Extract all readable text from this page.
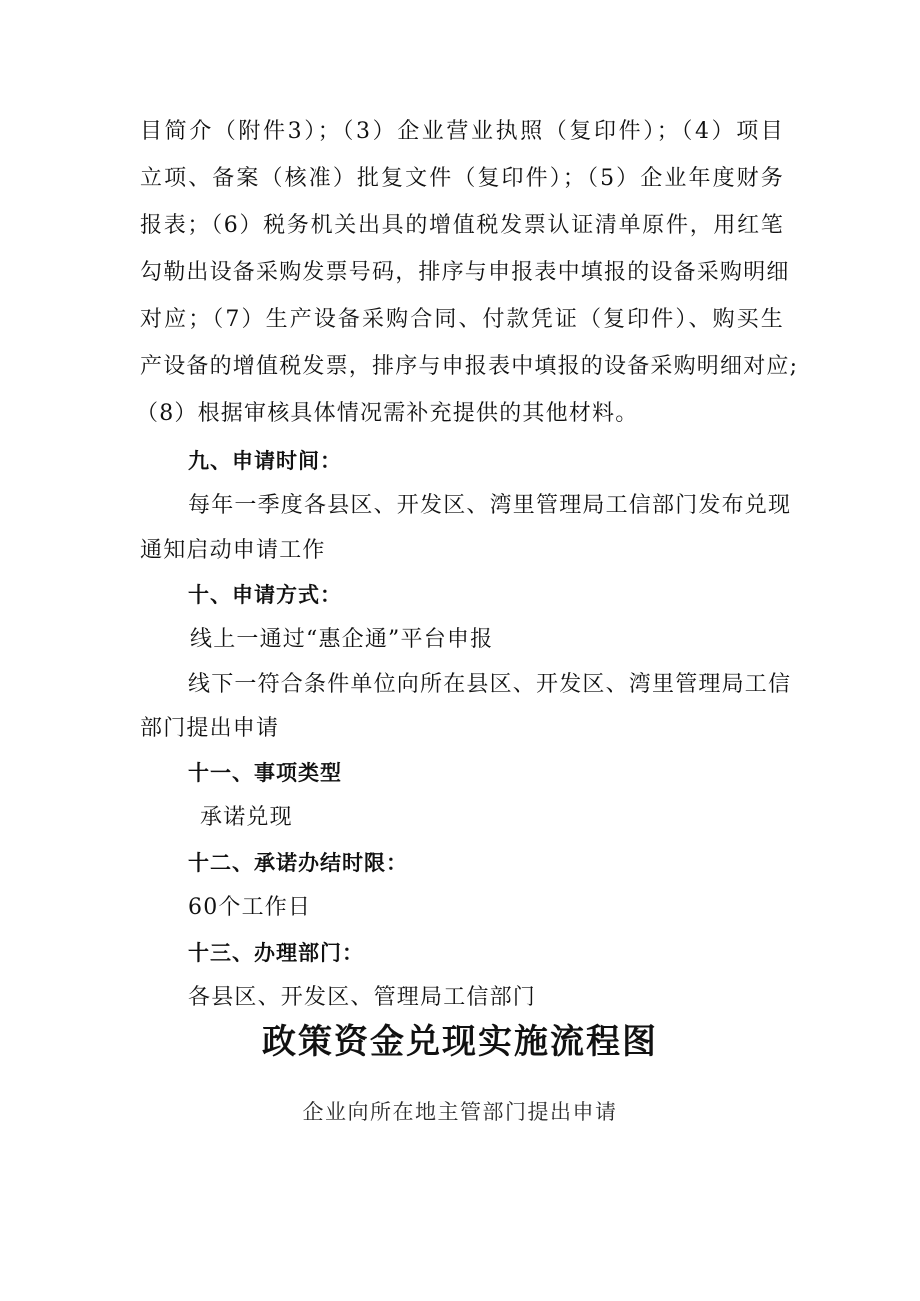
目简介（附件3）；（3）企业营业执照（复印件）；（4）项目
立项、备案（核准）批复文件（复印件）；（5）企业年度财务
报表；（6）税务机关出具的增值税发票认证清单原件，用红笔
勾勒出设备采购发票号码，排序与申报表中填报的设备采购明细
对应；（7）生产设备采购合同、付款凭证（复印件）、购买生
产设备的增值税发票，排序与申报表中填报的设备采购明细对应;
（8）根据审核具体情况需补充提供的其他材料。
九、申请时间：
每年一季度各县区、开发区、湾里管理局工信部门发布兑现
通知启动申请工作
十、申请方式：
线上一通过“惠企通”平台申报
线下一符合条件单位向所在县区、开发区、湾里管理局工信
部门提出申请
十一、事项类型
承诺兑现
十二、承诺办结时限：
60个工作日
十三、办理部门：
各县区、开发区、管理局工信部门
政策资金兑现实施流程图
企业向所在地主管部门提出申请
